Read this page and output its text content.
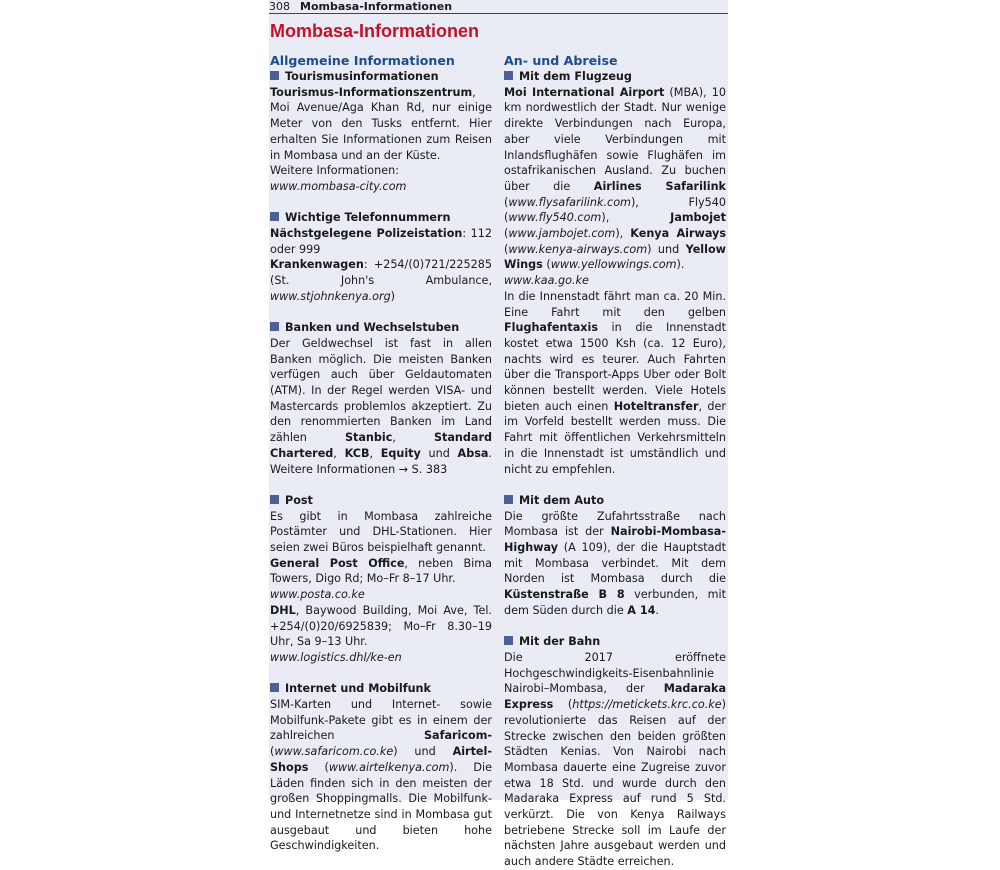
308 Mombasa-Informationen
Mombasa-Informationen
Allgemeine Informationen
Tourismusinformationen
Tourismus-Informationszentrum, Moi Avenue/Aga Khan Rd, nur einige Meter von den Tusks entfernt. Hier erhalten Sie Informationen zum Reisen in Mombasa und an der Küste.
Weitere Informationen:
www.mombasa-city.com
Wichtige Telefonnummern
Nächstgelegene Polizeistation: 112 oder 999
Krankenwagen: +254/(0)721/225285 (St. John's Ambulance, www.stjohnkenya.org)
Banken und Wechselstuben
Der Geldwechsel ist fast in allen Banken möglich. Die meisten Banken verfügen auch über Geldautomaten (ATM). In der Regel werden VISA- und Mastercards problemlos akzeptiert. Zu den renommierten Banken im Land zählen Stanbic, Standard Chartered, KCB, Equity und Absa. Weitere Informationen → S. 383
Post
Es gibt in Mombasa zahlreiche Postämter und DHL-Stationen. Hier seien zwei Büros beispielhaft genannt.
General Post Office, neben Bima Towers, Digo Rd; Mo–Fr 8–17 Uhr.
www.posta.co.ke
DHL, Baywood Building, Moi Ave, Tel. +254/(0)20/6925839; Mo–Fr 8.30–19 Uhr, Sa 9–13 Uhr.
www.logistics.dhl/ke-en
Internet und Mobilfunk
SIM-Karten und Internet- sowie Mobilfunk-Pakete gibt es in einem der zahlreichen Safaricom- (www.safaricom.co.ke) und Airtel-Shops (www.airtelkenya.com). Die Läden finden sich in den meisten der großen Shoppingmalls. Die Mobilfunk- und Internetnetze sind in Mombasa gut ausgebaut und bieten hohe Geschwindigkeiten.
An- und Abreise
Mit dem Flugzeug
Moi International Airport (MBA), 10 km nordwestlich der Stadt. Nur wenige direkte Verbindungen nach Europa, aber viele Verbindungen mit Inlandsflughäfen sowie Flughäfen im ostafrikanischen Ausland. Zu buchen über die Airlines Safarilink (www.flysafarilink.com), Fly540 (www.fly540.com), Jambojet (www.jambojet.com), Kenya Airways (www.kenya-airways.com) und Yellow Wings (www.yellowwings.com).
www.kaa.go.ke
In die Innenstadt fährt man ca. 20 Min. Eine Fahrt mit den gelben Flughafentaxis in die Innenstadt kostet etwa 1500 Ksh (ca. 12 Euro), nachts wird es teurer. Auch Fahrten über die Transport-Apps Uber oder Bolt können bestellt werden. Viele Hotels bieten auch einen Hoteltransfer, der im Vorfeld bestellt werden muss. Die Fahrt mit öffentlichen Verkehrsmitteln in die Innenstadt ist umständlich und nicht zu empfehlen.
Mit dem Auto
Die größte Zufahrtsstraße nach Mombasa ist der Nairobi-Mombasa-Highway (A 109), der die Hauptstadt mit Mombasa verbindet. Mit dem Norden ist Mombasa durch die Küstenstraße B 8 verbunden, mit dem Süden durch die A 14.
Mit der Bahn
Die 2017 eröffnete Hochgeschwindigkeits-Eisenbahnlinie Nairobi–Mombasa, der Madaraka Express (https://metickets.krc.co.ke) revolutionierte das Reisen auf der Strecke zwischen den beiden größten Städten Kenias. Von Nairobi nach Mombasa dauerte eine Zugreise zuvor etwa 18 Std. und wurde durch den Madaraka Express auf rund 5 Std. verkürzt. Die von Kenya Railways betriebene Strecke soll im Laufe der nächsten Jahre ausgebaut werden und auch andere Städte erreichen.
